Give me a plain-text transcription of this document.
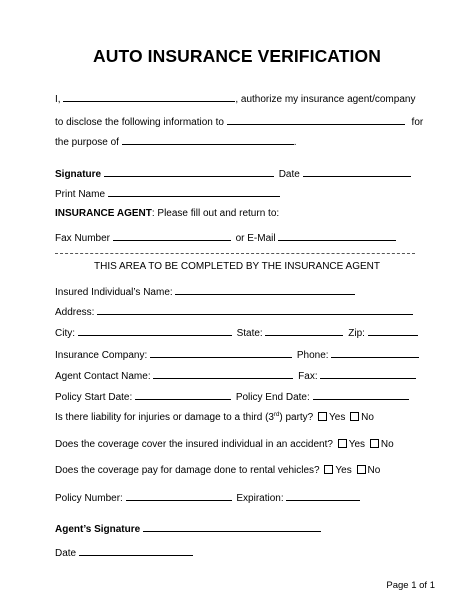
AUTO INSURANCE VERIFICATION
I,	, authorize my insurance agent/company
to disclose the following information to	for
the purpose of	.
Signature	Date
Print Name
INSURANCE AGENT: Please fill out and return to:
Fax Number	or E-Mail
THIS AREA TO BE COMPLETED BY THE INSURANCE AGENT
Insured Individual’s Name:
Address:
City:	State:	Zip:
Insurance Company:	Phone:
Agent Contact Name:	Fax:
Policy Start Date:	Policy End Date:
Is there liability for injuries or damage to a third (3rd) party? Yes No
Does the coverage cover the insured individual in an accident? Yes No
Does the coverage pay for damage done to rental vehicles? Yes No
Policy Number:	Expiration:
Agent’s Signature
Date
Page 1 of 1
